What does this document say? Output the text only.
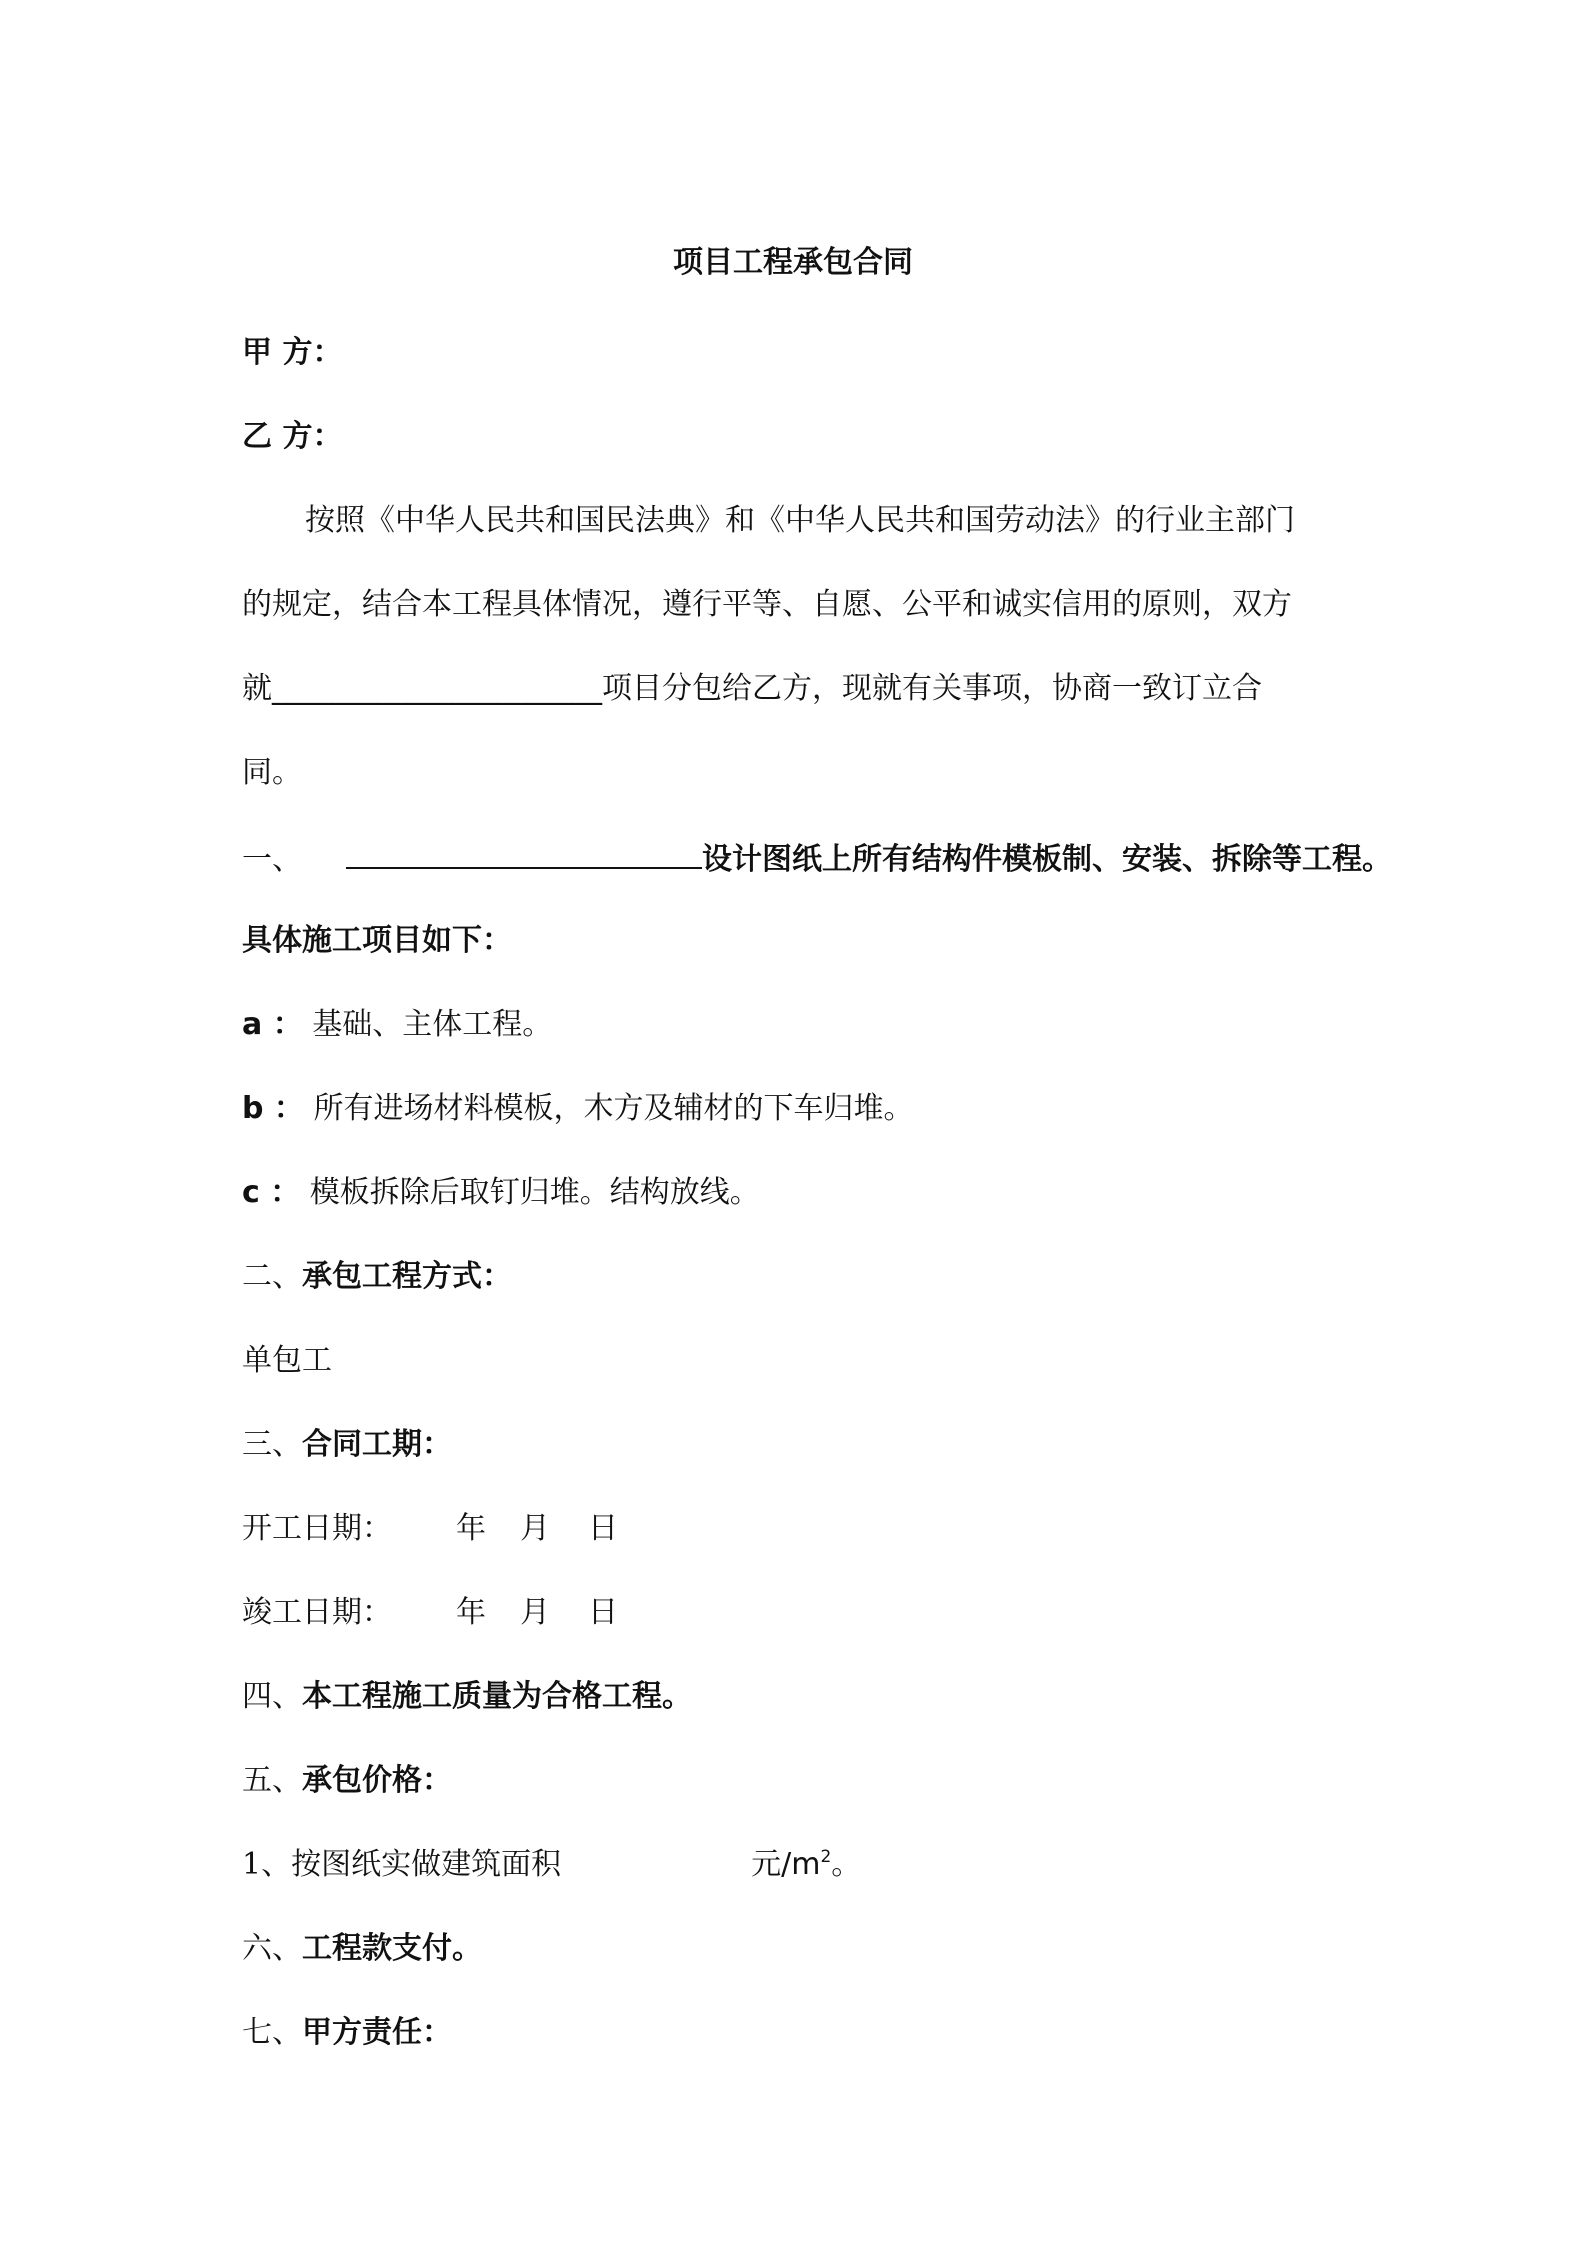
项目工程承包合同
甲 方：
乙 方：
按照《中华人民共和国民法典》和《中华人民共和国劳动法》的行业主部门
的规定，结合本工程具体情况，遵行平等、自愿、公平和诚实信用的原则，双方
就______________________项目分包给乙方，现就有关事项，协商一致订立合
同。
一、	设计图纸上所有结构件模板制、安装、拆除等工程。
具体施工项目如下：
a ： 基础、主体工程。
b ： 所有进场材料模板，木方及辅材的下车归堆。
c ： 模板拆除后取钉归堆。结构放线。
二、承包工程方式：
单包工
三、合同工期：
开工日期： 年 月 日
竣工日期： 年 月 日
四、本工程施工质量为合格工程。
五、承包价格：
1、按图纸实做建筑面积	元$/m^2$。
六、工程款支付。
七、甲方责任：
